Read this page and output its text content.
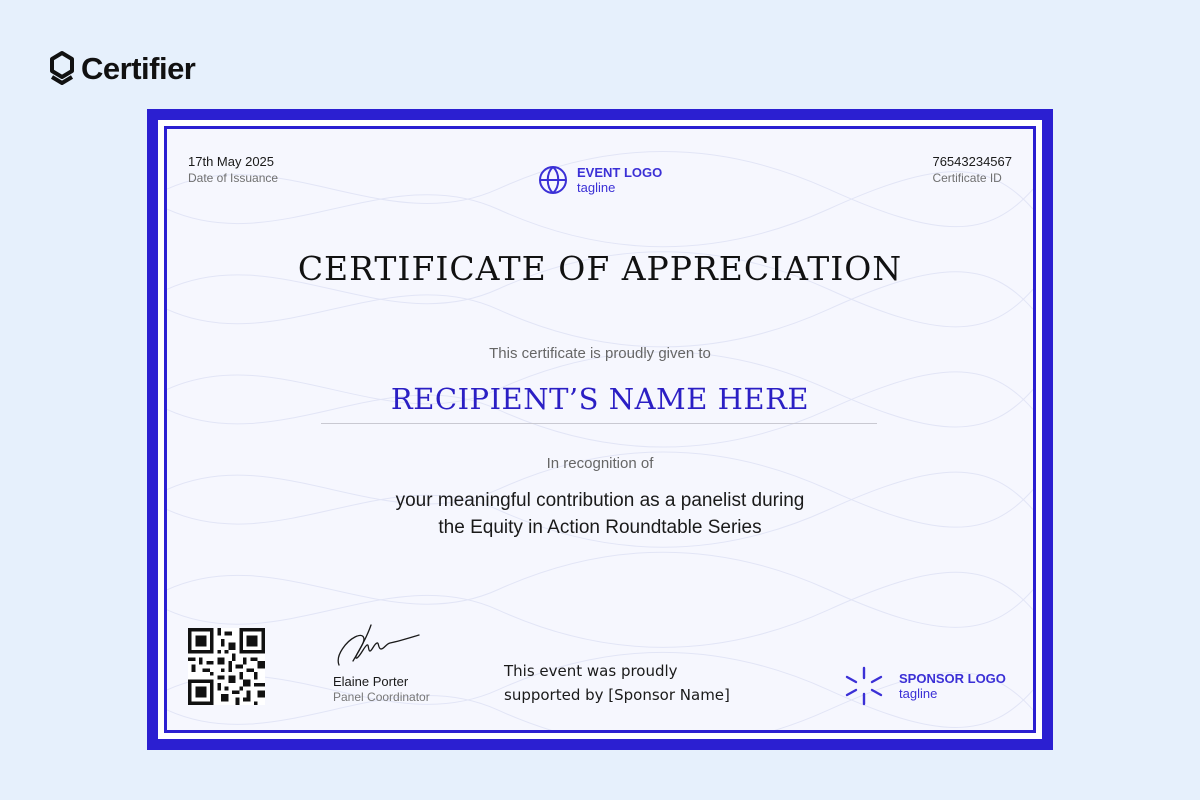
Certifier
17th May 2025
Date of Issuance	EVENT LOGO
tagline
76543234567
Certificate ID
CERTIFICATE OF APPRECIATION
This certificate is proudly given to
RECIPIENT’S NAME HERE
In recognition of
your meaningful contribution as a panelist during
the Equity in Action Roundtable Series
Elaine Porter
Panel Coordinator
This event was proudly
supported by [Sponsor Name]
SPONSOR LOGO
tagline
